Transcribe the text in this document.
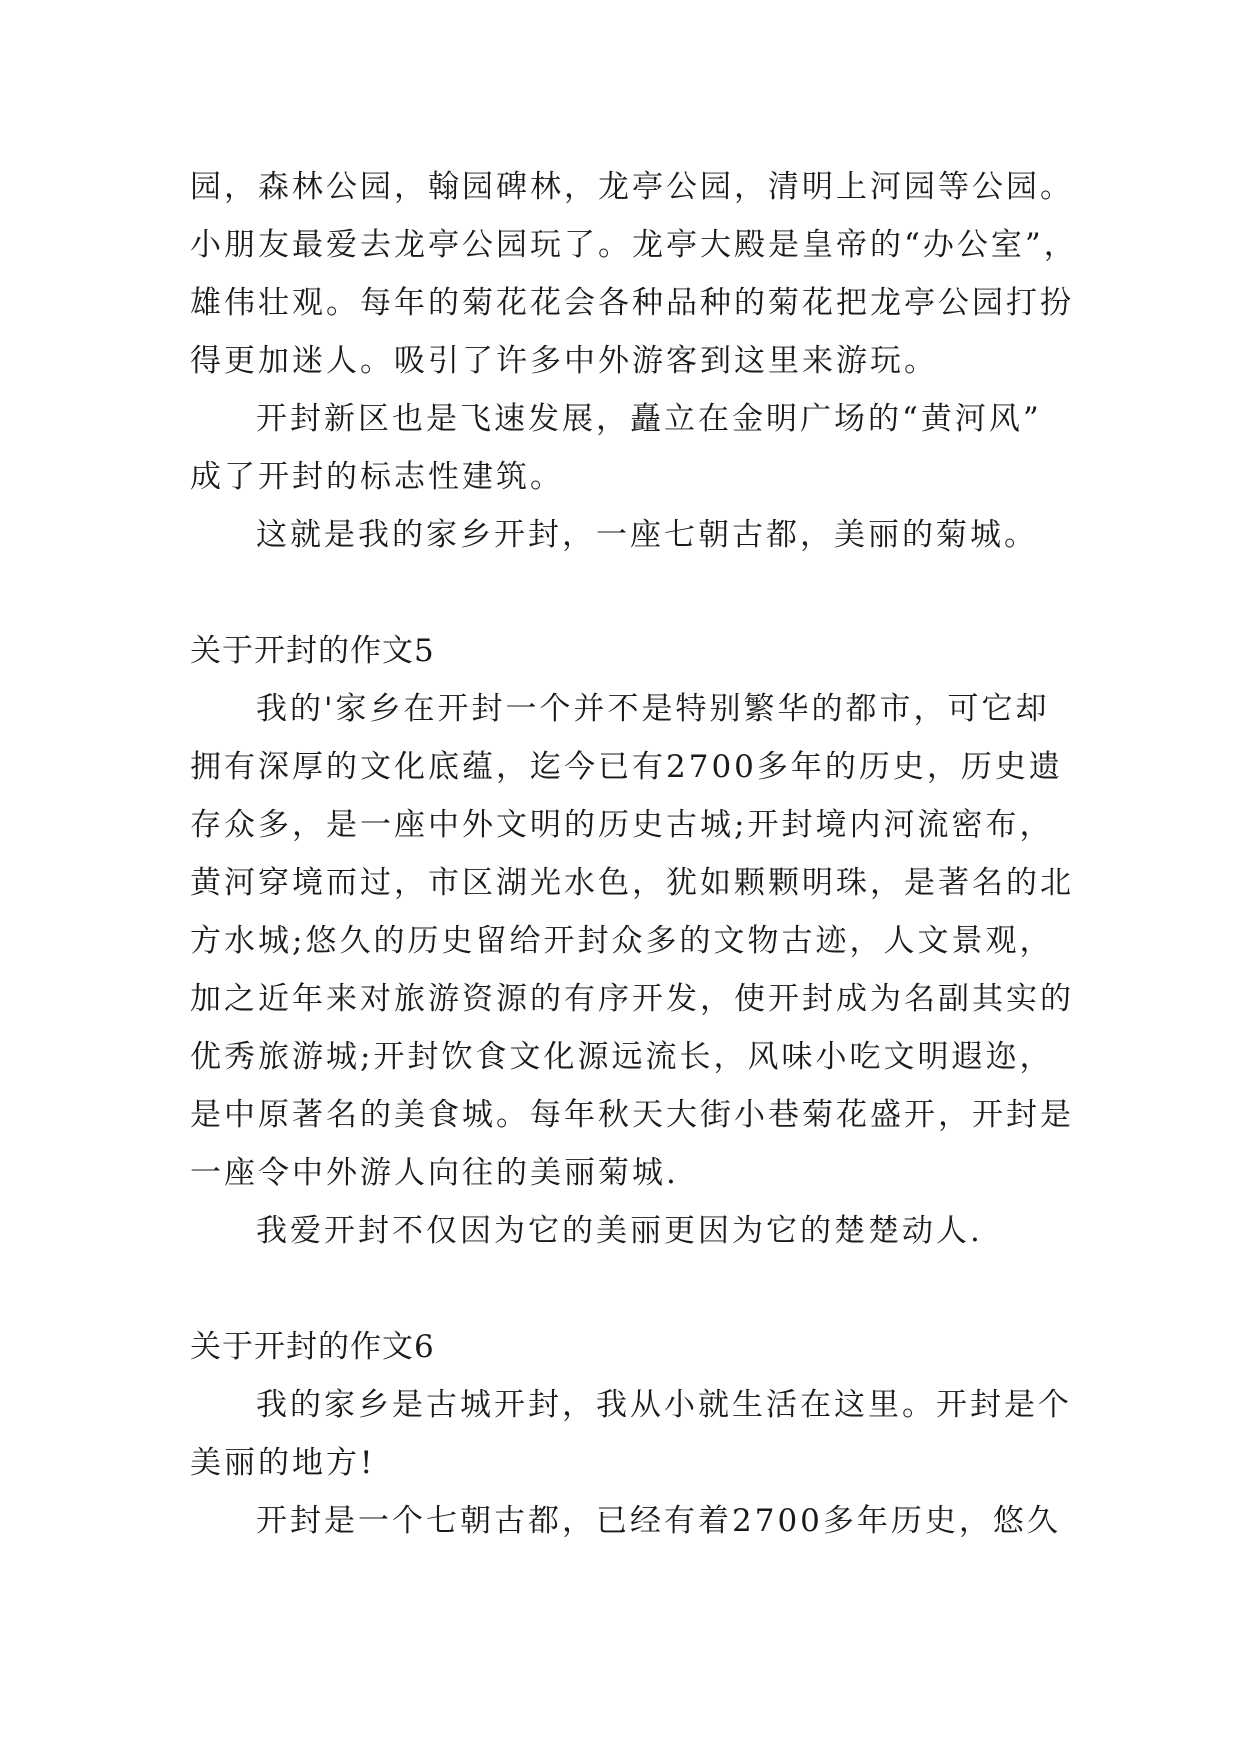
园，森林公园，翰园碑林，龙亭公园，清明上河园等公园。
小朋友最爱去龙亭公园玩了。龙亭大殿是皇帝的“办公室”，
雄伟壮观。每年的菊花花会各种品种的菊花把龙亭公园打扮
得更加迷人。吸引了许多中外游客到这里来游玩。
开封新区也是飞速发展，矗立在金明广场的“黄河风”
成了开封的标志性建筑。
这就是我的家乡开封，一座七朝古都，美丽的菊城。
关于开封的作文5
我的'家乡在开封一个并不是特别繁华的都市，可它却
拥有深厚的文化底蕴，迄今已有2700多年的历史，历史遗
存众多，是一座中外文明的历史古城;开封境内河流密布，
黄河穿境而过，市区湖光水色，犹如颗颗明珠，是著名的北
方水城;悠久的历史留给开封众多的文物古迹，人文景观，
加之近年来对旅游资源的有序开发，使开封成为名副其实的
优秀旅游城;开封饮食文化源远流长，风味小吃文明遐迩，
是中原著名的美食城。每年秋天大街小巷菊花盛开，开封是
一座令中外游人向往的美丽菊城.
我爱开封不仅因为它的美丽更因为它的楚楚动人.
关于开封的作文6
我的家乡是古城开封，我从小就生活在这里。开封是个
美丽的地方!
开封是一个七朝古都，已经有着2700多年历史，悠久
